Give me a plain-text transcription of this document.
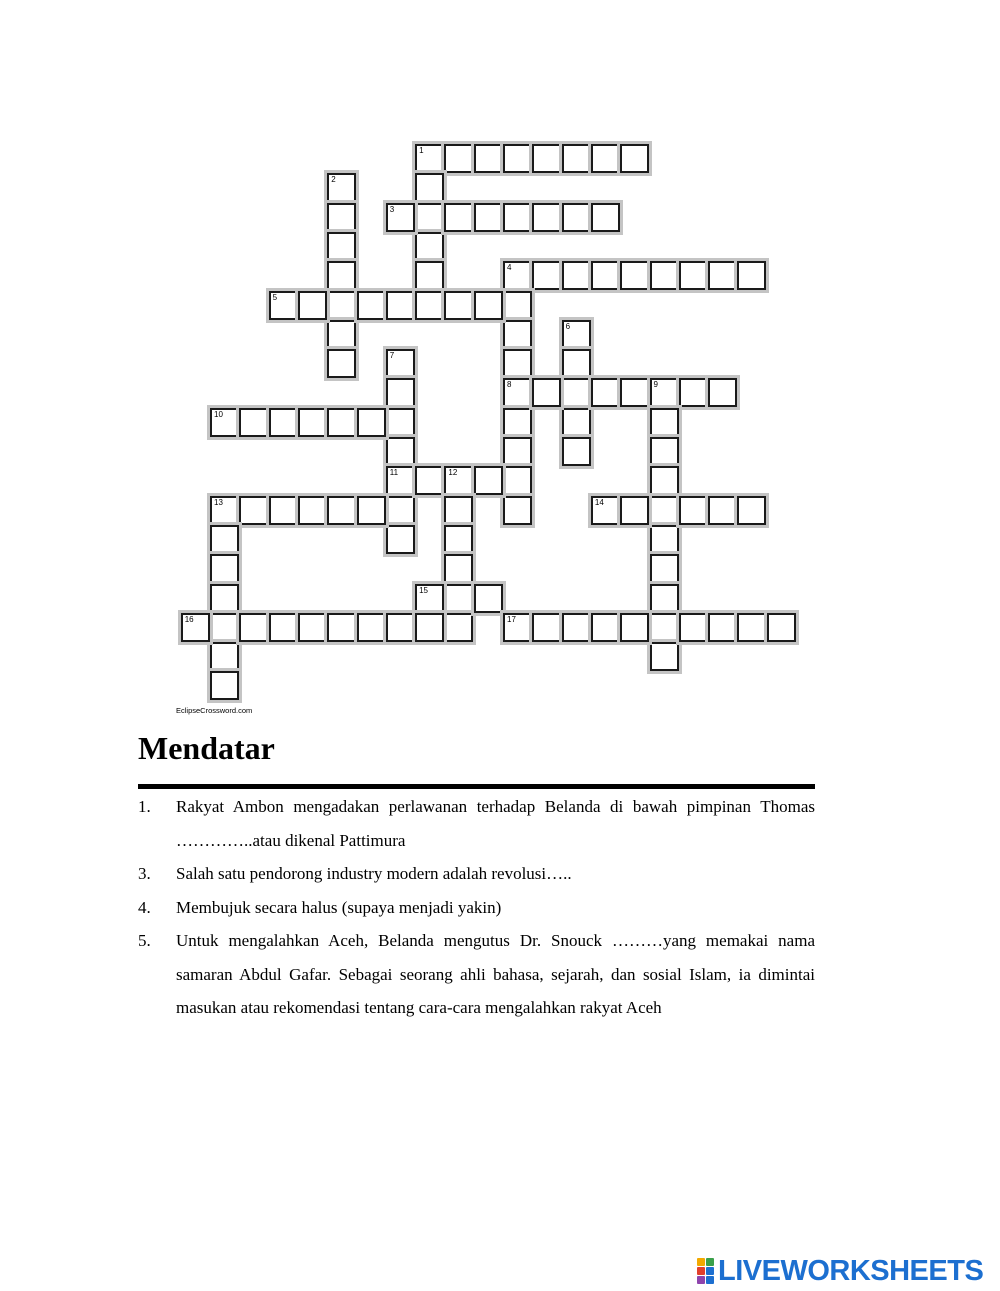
1
2
3
4
8
5
6
7
11
9
10
12
13	14
15
16	17
EclipseCrossword.com
Mendatar
1. Rakyat Ambon mengadakan perlawanan terhadap Belanda di bawah pimpinan Thomas …………..atau dikenal Pattimura
3. Salah satu pendorong industry modern adalah revolusi…..
4. Membujuk secara halus (supaya menjadi yakin)
5. Untuk mengalahkan Aceh, Belanda mengutus Dr. Snouck ………yang memakai nama samaran Abdul Gafar. Sebagai seorang ahli bahasa, sejarah, dan sosial Islam, ia dimintai masukan atau rekomendasi tentang cara-cara mengalahkan rakyat Aceh
LIVEWORKSHEETS
